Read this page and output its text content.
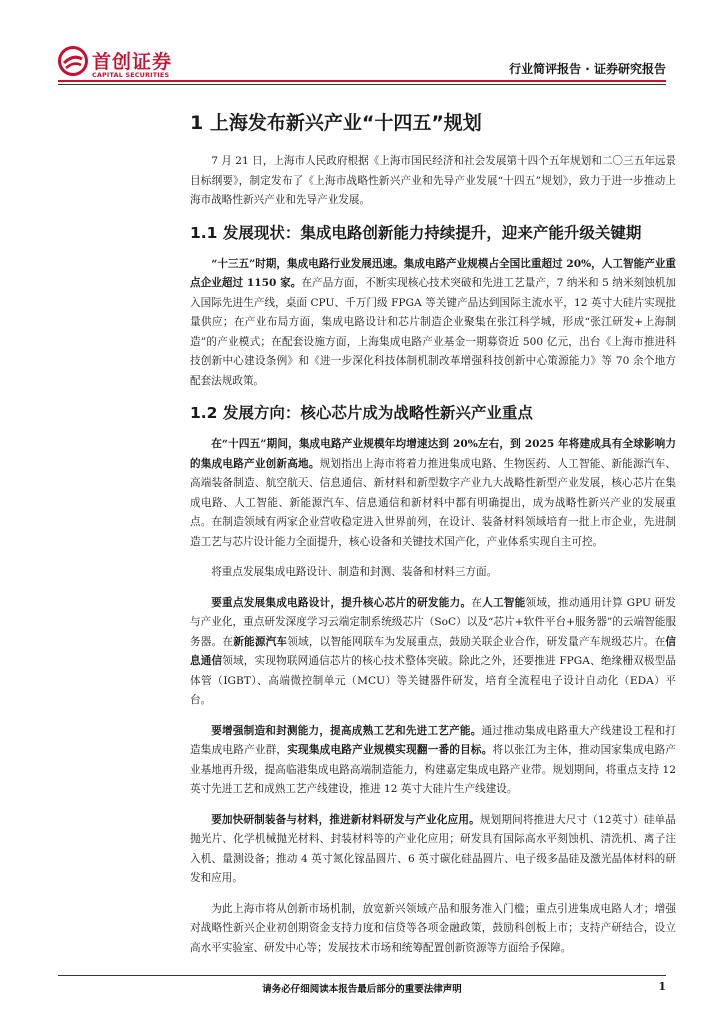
首创证券
CAPITAL SECURITIES	行业简评报告 · 证券研究报告
1 上海发布新兴产业“十四五”规划

7 月 21 日，上海市人民政府根据《上海市国民经济和社会发展第十四个五年规划和二〇三五年远景目标纲要》，制定发布了《上海市战略性新兴产业和先导产业发展“十四五”规划》，致力于进一步推动上海市战略性新兴产业和先导产业发展。

1.1 发展现状：集成电路创新能力持续提升，迎来产能升级关键期

“十三五”时期，集成电路行业发展迅速。集成电路产业规模占全国比重超过 20%，人工智能产业重点企业超过 1150 家。在产品方面，不断实现核心技术突破和先进工艺量产，7 纳米和 5 纳米刻蚀机加入国际先进生产线，桌面 CPU、千万门级 FPGA 等关键产品达到国际主流水平，12 英寸大硅片实现批量供应；在产业布局方面，集成电路设计和芯片制造企业聚集在张江科学城，形成“张江研发+上海制造”的产业模式；在配套设施方面，上海集成电路产业基金一期募资近 500 亿元，出台《上海市推进科技创新中心建设条例》和《进一步深化科技体制机制改革增强科技创新中心策源能力》等 70 余个地方配套法规政策。

1.2 发展方向：核心芯片成为战略性新兴产业重点

在“十四五”期间，集成电路产业规模年均增速达到 20%左右，到 2025 年将建成具有全球影响力的集成电路产业创新高地。规划指出上海市将着力推进集成电路、生物医药、人工智能、新能源汽车、高端装备制造、航空航天、信息通信、新材料和新型数字产业九大战略性新型产业发展，核心芯片在集成电路、人工智能、新能源汽车、信息通信和新材料中都有明确提出，成为战略性新兴产业的发展重点。在制造领域有两家企业营收稳定进入世界前列，在设计、装备材料领域培育一批上市企业，先进制造工艺与芯片设计能力全面提升，核心设备和关键技术国产化，产业体系实现自主可控。

将重点发展集成电路设计、制造和封测、装备和材料三方面。

要重点发展集成电路设计，提升核心芯片的研发能力。在人工智能领域，推动通用计算 GPU 研发与产业化，重点研发深度学习云端定制系统级芯片（SoC）以及“芯片+软件平台+服务器”的云端智能服务器。在新能源汽车领域，以智能网联车为发展重点，鼓励关联企业合作，研发量产车规级芯片。在信息通信领域，实现物联网通信芯片的核心技术整体突破。除此之外，还要推进 FPGA、绝缘栅双极型晶体管（IGBT）、高端微控制单元（MCU）等关键器件研发，培育全流程电子设计自动化（EDA）平台。

要增强制造和封测能力，提高成熟工艺和先进工艺产能。通过推动集成电路重大产线建设工程和打造集成电路产业群，实现集成电路产业规模实现翻一番的目标。将以张江为主体，推动国家集成电路产业基地再升级，提高临港集成电路高端制造能力，构建嘉定集成电路产业带。规划期间，将重点支持 12 英寸先进工艺和成熟工艺产线建设，推进 12 英寸大硅片生产线建设。

要加快研制装备与材料，推进新材料研发与产业化应用。规划期间将推进大尺寸（12英寸）硅单晶抛光片、化学机械抛光材料、封装材料等的产业化应用；研发具有国际高水平刻蚀机、清洗机、离子注入机、量测设备；推动 4 英寸氮化镓晶圆片、6 英寸碳化硅晶圆片、电子级多晶硅及激光晶体材料的研发和应用。

为此上海市将从创新市场机制，放宽新兴领域产品和服务准入门槛；重点引进集成电路人才；增强对战略性新兴企业初创期资金支持力度和信贷等各项金融政策，鼓励科创板上市；支持产研结合，设立高水平实验室、研发中心等；发展技术市场和统筹配置创新资源等方面给予保障。

请务必仔细阅读本报告最后部分的重要法律声明	1
